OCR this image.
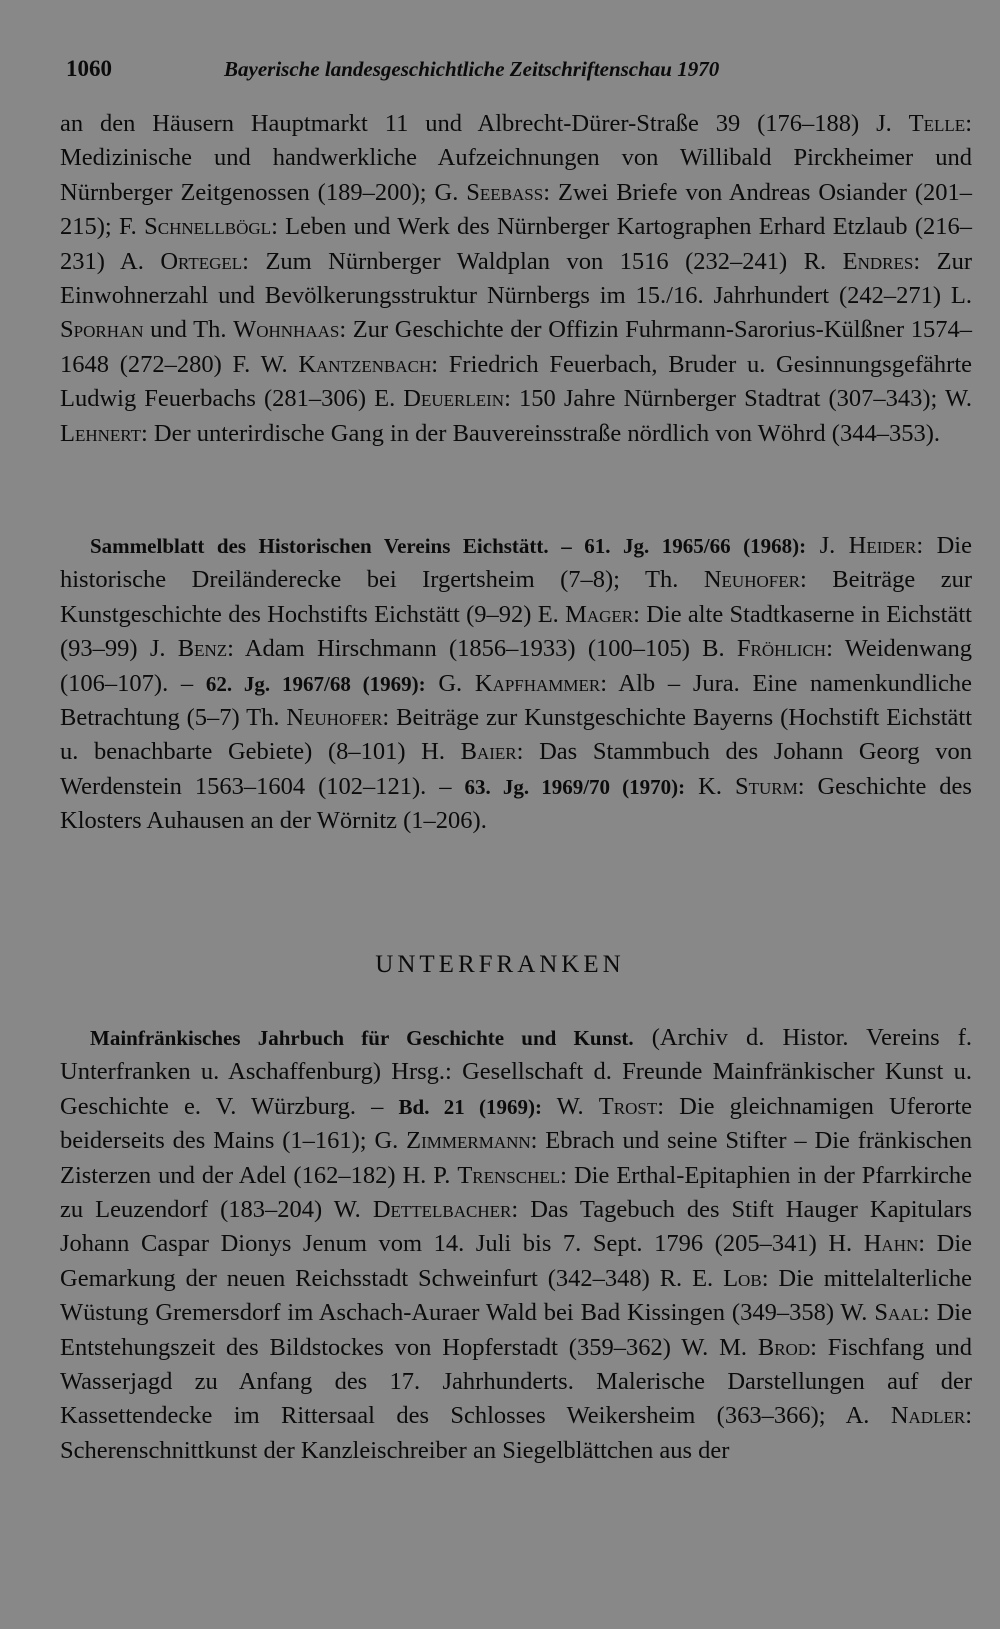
1060	Bayerische landesgeschichtliche Zeitschriftenschau 1970
an den Häusern Hauptmarkt 11 und Albrecht-Dürer-Straße 39 (176–188) J. Telle: Medizinische und handwerkliche Aufzeichnungen von Willibald Pirckheimer und Nürnberger Zeitgenossen (189–200); G. Seebass: Zwei Briefe von Andreas Osiander (201–215); F. Schnellbögl: Leben und Werk des Nürnberger Kartographen Erhard Etzlaub (216–231) A. Ortegel: Zum Nürnberger Waldplan von 1516 (232–241) R. Endres: Zur Einwohnerzahl und Bevölkerungsstruktur Nürnbergs im 15./16. Jahrhundert (242–271) L. Sporhan und Th. Wohnhaas: Zur Geschichte der Offizin Fuhrmann-Sarorius-Külßner 1574–1648 (272–280) F. W. Kantzenbach: Friedrich Feuerbach, Bruder u. Gesinnungsgefährte Ludwig Feuerbachs (281–306) E. Deuerlein: 150 Jahre Nürnberger Stadtrat (307–343); W. Lehnert: Der unterirdische Gang in der Bauvereinsstraße nördlich von Wöhrd (344–353).
Sammelblatt des Historischen Vereins Eichstätt. – 61. Jg. 1965/66 (1968): J. Heider: Die historische Dreiländerecke bei Irgertsheim (7–8); Th. Neuhofer: Beiträge zur Kunstgeschichte des Hochstifts Eichstätt (9–92) E. Mager: Die alte Stadtkaserne in Eichstätt (93–99) J. Benz: Adam Hirschmann (1856–1933) (100–105) B. Fröhlich: Weidenwang (106–107). – 62. Jg. 1967/68 (1969): G. Kapfhammer: Alb – Jura. Eine namenkundliche Betrachtung (5–7) Th. Neuhofer: Beiträge zur Kunstgeschichte Bayerns (Hochstift Eichstätt u. benachbarte Gebiete) (8–101) H. Baier: Das Stammbuch des Johann Georg von Werdenstein 1563–1604 (102–121). – 63. Jg. 1969/70 (1970): K. Sturm: Geschichte des Klosters Auhausen an der Wörnitz (1–206).
UNTERFRANKEN
Mainfränkisches Jahrbuch für Geschichte und Kunst. (Archiv d. Histor. Vereins f. Unterfranken u. Aschaffenburg) Hrsg.: Gesellschaft d. Freunde Mainfränkischer Kunst u. Geschichte e. V. Würzburg. – Bd. 21 (1969): W. Trost: Die gleichnamigen Uferorte beiderseits des Mains (1–161); G. Zimmermann: Ebrach und seine Stifter – Die fränkischen Zisterzen und der Adel (162–182) H. P. Trenschel: Die Erthal-Epitaphien in der Pfarrkirche zu Leuzendorf (183–204) W. Dettelbacher: Das Tagebuch des Stift Hauger Kapitulars Johann Caspar Dionys Jenum vom 14. Juli bis 7. Sept. 1796 (205–341) H. Hahn: Die Gemarkung der neuen Reichsstadt Schweinfurt (342–348) R. E. Lob: Die mittelalterliche Wüstung Gremersdorf im Aschach-Auraer Wald bei Bad Kissingen (349–358) W. Saal: Die Entstehungszeit des Bildstockes von Hopferstadt (359–362) W. M. Brod: Fischfang und Wasserjagd zu Anfang des 17. Jahrhunderts. Malerische Darstellungen auf der Kassettendecke im Rittersaal des Schlosses Weikersheim (363–366); A. Nadler: Scherenschnittkunst der Kanzleischreiber an Siegelblättchen aus der
